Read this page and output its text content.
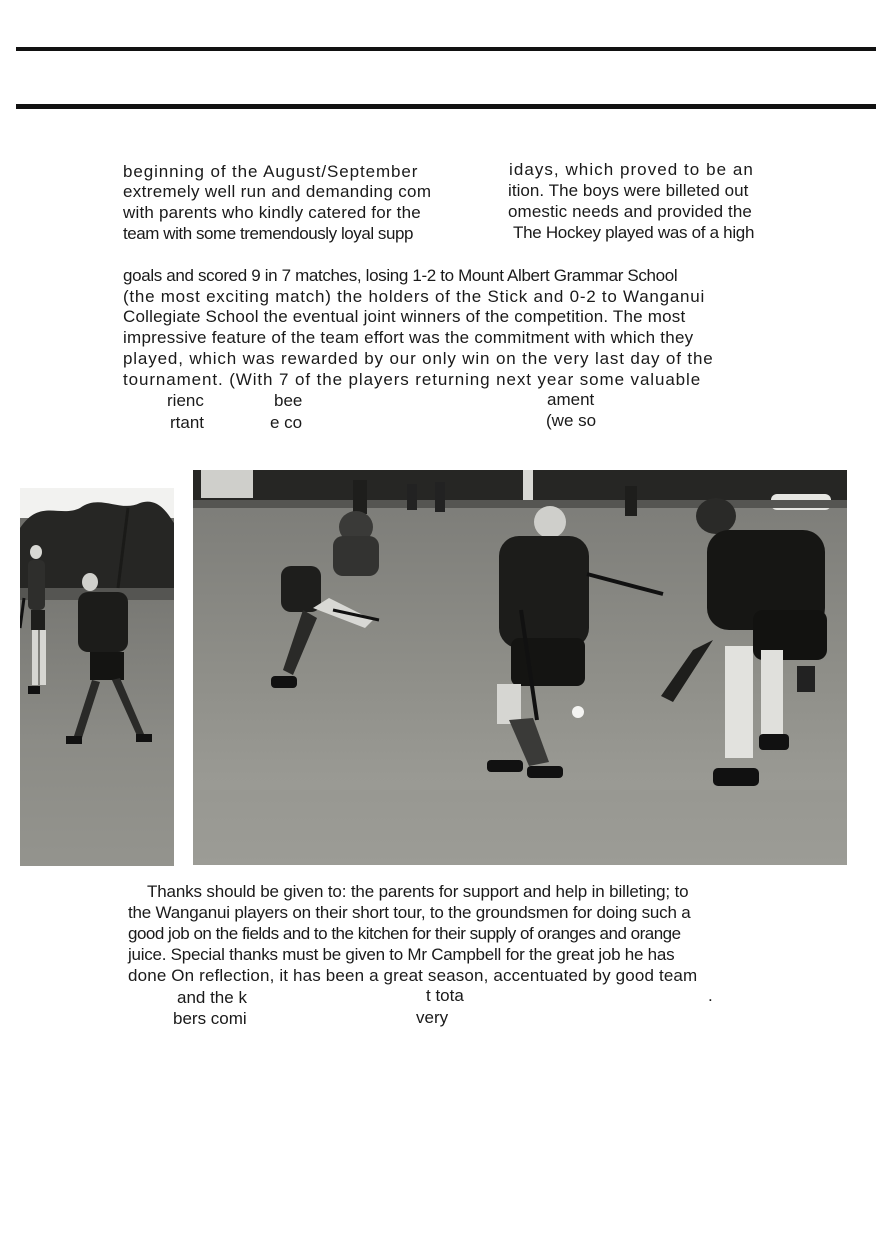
beginning of the August/September
extremely well run and demanding com
with parents who kindly catered for the
team with some tremendously loyal supp
idays, which proved to be an
ition. The boys were billeted out
omestic needs and provided the
The Hockey played was of a high
goals and scored 9 in 7 matches, losing 1-2 to Mount Albert Grammar School
(the most exciting match) the holders of the Stick and 0-2 to Wanganui
Collegiate School the eventual joint winners of the competition. The most
impressive feature of the team effort was the commitment with which they
played, which was rewarded by our only win on the very last day of the
tournament. (With 7 of the players returning next year some valuable
rienc	bee	ament
rtant	e co	(we so
Thanks should be given to: the parents for support and help in billeting; to
the Wanganui players on their short tour, to the groundsmen for doing such a
good job on the fields and to the kitchen for their supply of oranges and orange
juice. Special thanks must be given to Mr Campbell for the great job he has
done On reflection, it has been a great season, accentuated by good team
and the k	t tota	.
bers comi	very
